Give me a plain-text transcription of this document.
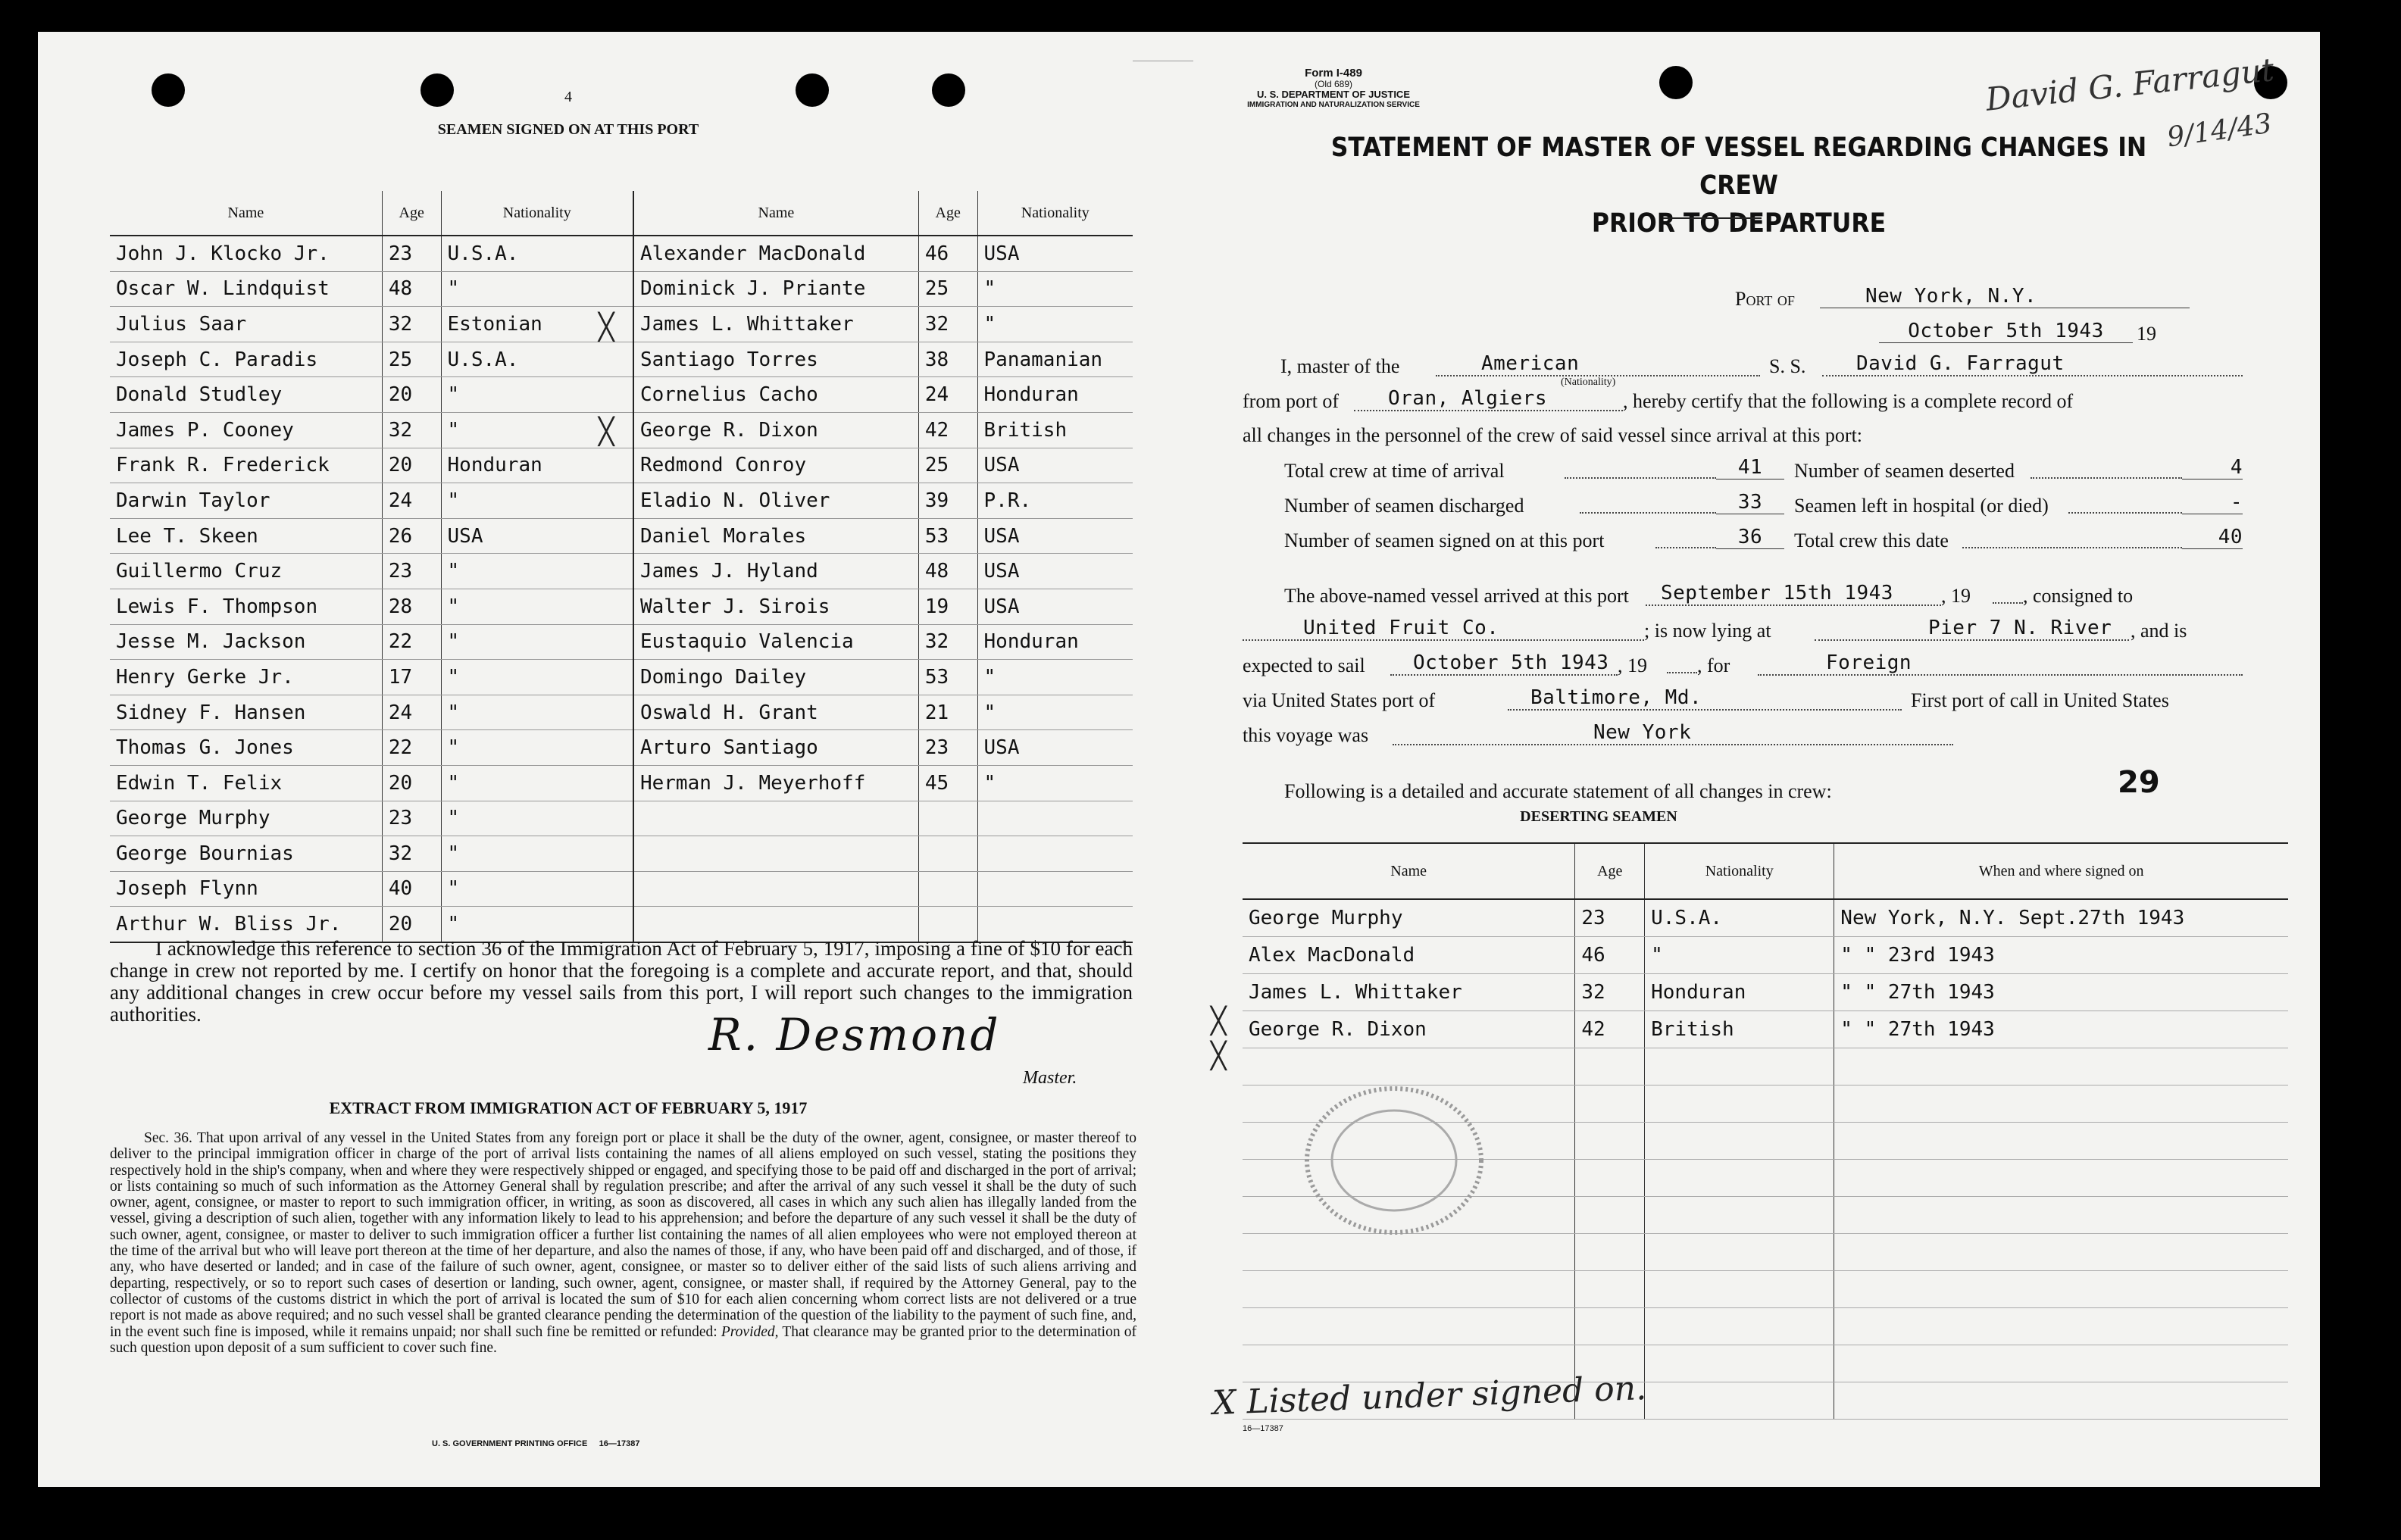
4
SEAMEN SIGNED ON AT THIS PORT
Name	Age	Nationality	Name	Age	Nationality
John J. Klocko Jr.	23	U.S.A.	Alexander MacDonald	46	USA
Oscar W. Lindquist	48	"	Dominick J. Priante	25	"
Julius Saar	32	Estonian	James L. Whittaker	32	"
Joseph C. Paradis	25	U.S.A.	Santiago Torres	38	Panamanian
Donald Studley	20	"	Cornelius Cacho	24	Honduran
James P. Cooney	32	"	George R. Dixon	42	British
Frank R. Frederick	20	Honduran	Redmond Conroy	25	USA
Darwin Taylor	24	"	Eladio N. Oliver	39	P.R.
Lee T. Skeen	26	USA	Daniel Morales	53	USA
Guillermo Cruz	23	"	James J. Hyland	48	USA
Lewis F. Thompson	28	"	Walter J. Sirois	19	USA
Jesse M. Jackson	22	"	Eustaquio Valencia	32	Honduran
Henry Gerke Jr.	17	"	Domingo Dailey	53	"
Sidney F. Hansen	24	"	Oswald H. Grant	21	"
Thomas G. Jones	22	"	Arturo Santiago	23	USA
Edwin T. Felix	20	"	Herman J. Meyerhoff	45	"
George Murphy	23	"			
George Bournias	32	"			
Joseph Flynn	40	"			
Arthur W. Bliss Jr.	20	"			
╳
╳
I acknowledge this reference to section 36 of the Immigration Act of February 5, 1917, imposing a fine of $10 for each change in crew not reported by me. I certify on honor that the foregoing is a complete and accurate report, and that, should any additional changes in crew occur before my vessel sails from this port, I will report such changes to the immigration authorities.	R. Desmond
Master.
EXTRACT FROM IMMIGRATION ACT OF FEBRUARY 5, 1917
Sec. 36. That upon arrival of any vessel in the United States from any foreign port or place it shall be the duty of the owner, agent, consignee, or master thereof to deliver to the principal immigration officer in charge of the port of arrival lists containing the names of all aliens employed on such vessel, stating the positions they respectively hold in the ship's company, when and where they were respectively shipped or engaged, and specifying those to be paid off and discharged in the port of arrival; or lists containing so much of such information as the Attorney General shall by regulation prescribe; and after the arrival of any such vessel it shall be the duty of such owner, agent, consignee, or master to report to such immigration officer, in writing, as soon as discovered, all cases in which any such alien has illegally landed from the vessel, giving a description of such alien, together with any information likely to lead to his apprehension; and before the departure of any such vessel it shall be the duty of such owner, agent, consignee, or master to deliver to such immigration officer a further list containing the names of all alien employees who were not employed thereon at the time of the arrival but who will leave port thereon at the time of her departure, and also the names of those, if any, who have been paid off and discharged, and of those, if any, who have deserted or landed; and in case of the failure of such owner, agent, consignee, or master so to deliver either of the said lists of such aliens arriving and departing, respectively, or so to report such cases of desertion or landing, such owner, agent, consignee, or master shall, if required by the Attorney General, pay to the collector of customs of the customs district in which the port of arrival is located the sum of $10 for each alien concerning whom correct lists are not delivered or a true report is not made as above required; and no such vessel shall be granted clearance pending the determination of the question of the liability to the payment of such fine, and, in the event such fine is imposed, while it remains unpaid; nor shall such fine be remitted or refunded: Provided, That clearance may be granted prior to the determination of such question upon deposit of a sum sufficient to cover such fine.
U. S. GOVERNMENT PRINTING OFFICE     16—17387
Form I-489
(Old 689)
U. S. DEPARTMENT OF JUSTICE
IMMIGRATION AND NATURALIZATION SERVICE	David G. Farragut
9/14/43
STATEMENT OF MASTER OF VESSEL REGARDING CHANGES IN CREW
PRIOR TO DEPARTURE
Port of	New York, N.Y.
October 5th 1943	19
I, master of the	American
(Nationality)
S. S.	David G. Farragut
from port of	Oran, Algiers	, hereby certify that the following is a complete record of
all changes in the personnel of the crew of said vessel since arrival at this port:
Total crew at time of arrival	41	Number of seamen deserted	4
Number of seamen discharged	33	Seamen left in hospital (or died)	-
Number of seamen signed on at this port	36	Total crew this date	40
The above-named vessel arrived at this port	September 15th 1943	, 19	, consigned to
United Fruit Co.	; is now lying at	Pier 7 N. River , and is
expected to sail	October 5th 1943 , 19	, for	Foreign
via United States port of	Baltimore, Md.	First port of call in United States
this voyage was	New York
Following is a detailed and accurate statement of all changes in crew:	29
DESERTING SEAMEN
Name	Age	Nationality	When and where signed on
George Murphy	23	U.S.A.	New York, N.Y. Sept.27th 1943
Alex MacDonald	46	"	" " 23rd 1943
James L. Whittaker	32	Honduran	" " 27th 1943
George R. Dixon	42	British	" " 27th 1943

╳
╳
X Listed under signed on.
16—17387
